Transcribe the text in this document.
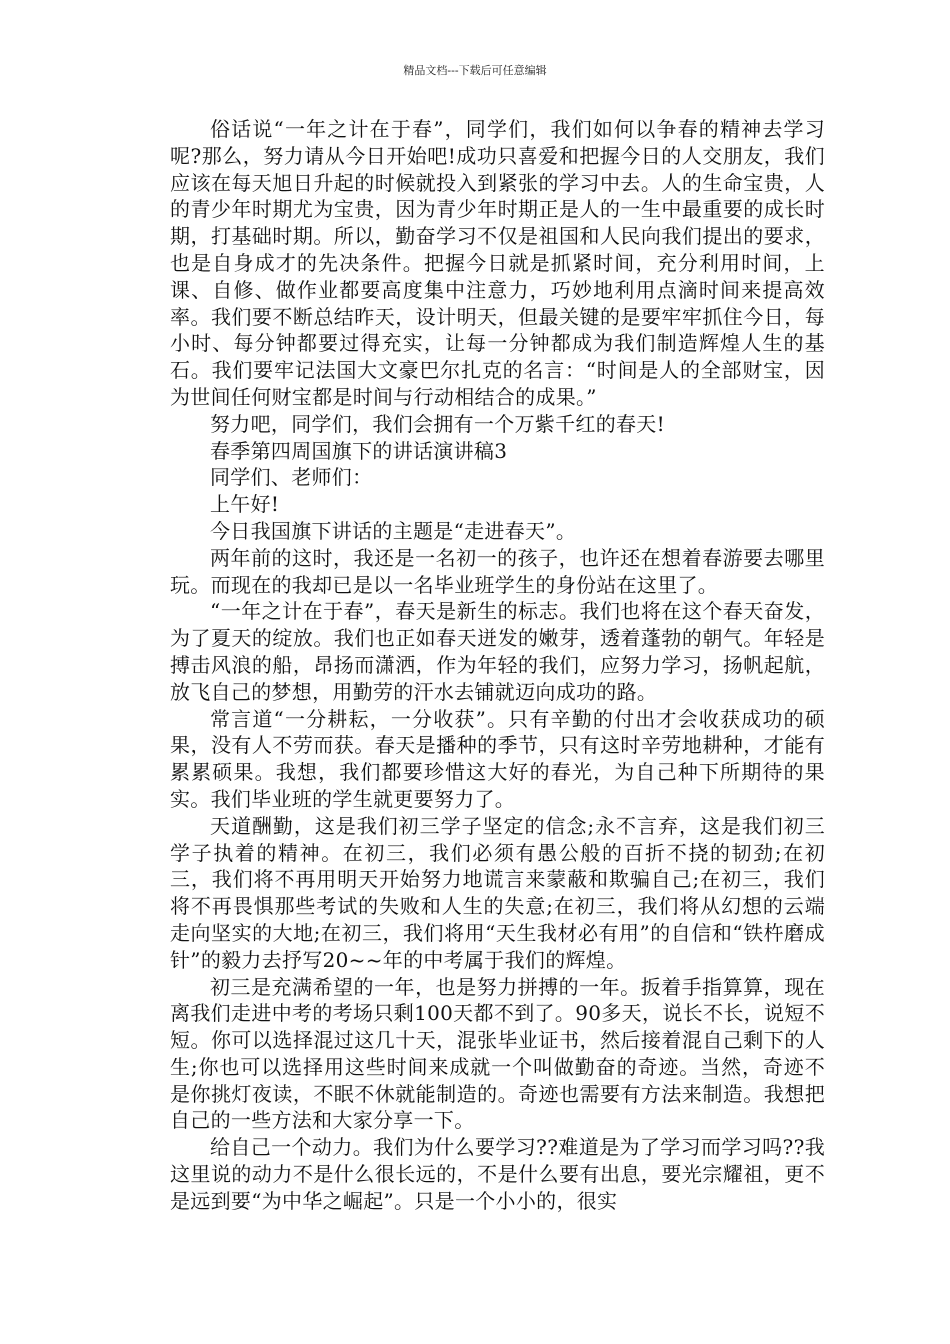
精品文档---下载后可任意编辑

俗话说“一年之计在于春”，同学们，我们如何以争春的精神去学习呢?那么，努力请从今日开始吧!成功只喜爱和把握今日的人交朋友，我们应该在每天旭日升起的时候就投入到紧张的学习中去。人的生命宝贵，人的青少年时期尤为宝贵，因为青少年时期正是人的一生中最重要的成长时期，打基础时期。所以，勤奋学习不仅是祖国和人民向我们提出的要求，也是自身成才的先决条件。把握今日就是抓紧时间，充分利用时间，上课、自修、做作业都要高度集中注意力，巧妙地利用点滴时间来提高效率。我们要不断总结昨天，设计明天，但最关键的是要牢牢抓住今日，每小时、每分钟都要过得充实，让每一分钟都成为我们制造辉煌人生的基石。我们要牢记法国大文豪巴尔扎克的名言：“时间是人的全部财宝，因为世间任何财宝都是时间与行动相结合的成果。”

努力吧，同学们，我们会拥有一个万紫千红的春天!

春季第四周国旗下的讲话演讲稿3

同学们、老师们：

上午好!

今日我国旗下讲话的主题是“走进春天”。

两年前的这时，我还是一名初一的孩子，也许还在想着春游要去哪里玩。而现在的我却已是以一名毕业班学生的身份站在这里了。

“一年之计在于春”，春天是新生的标志。我们也将在这个春天奋发，为了夏天的绽放。我们也正如春天迸发的嫩芽，透着蓬勃的朝气。年轻是搏击风浪的船，昂扬而潇洒，作为年轻的我们，应努力学习，扬帆起航，放飞自己的梦想，用勤劳的汗水去铺就迈向成功的路。

常言道“一分耕耘，一分收获”。只有辛勤的付出才会收获成功的硕果，没有人不劳而获。春天是播种的季节，只有这时辛劳地耕种，才能有累累硕果。我想，我们都要珍惜这大好的春光，为自己种下所期待的果实。我们毕业班的学生就更要努力了。

天道酬勤，这是我们初三学子坚定的信念;永不言弃，这是我们初三学子执着的精神。在初三，我们必须有愚公般的百折不挠的韧劲;在初三，我们将不再用明天开始努力地谎言来蒙蔽和欺骗自己;在初三，我们将不再畏惧那些考试的失败和人生的失意;在初三，我们将从幻想的云端走向坚实的大地;在初三，我们将用“天生我材必有用”的自信和“铁杵磨成针”的毅力去抒写20~~年的中考属于我们的辉煌。

初三是充满希望的一年，也是努力拼搏的一年。扳着手指算算，现在离我们走进中考的考场只剩100天都不到了。90多天，说长不长，说短不短。你可以选择混过这几十天，混张毕业证书，然后接着混自己剩下的人生;你也可以选择用这些时间来成就一个叫做勤奋的奇迹。当然，奇迹不是你挑灯夜读，不眠不休就能制造的。奇迹也需要有方法来制造。我想把自己的一些方法和大家分享一下。

给自己一个动力。我们为什么要学习??难道是为了学习而学习吗??我这里说的动力不是什么很长远的，不是什么要有出息，要光宗耀祖，更不是远到要“为中华之崛起”。只是一个小小的，很实
